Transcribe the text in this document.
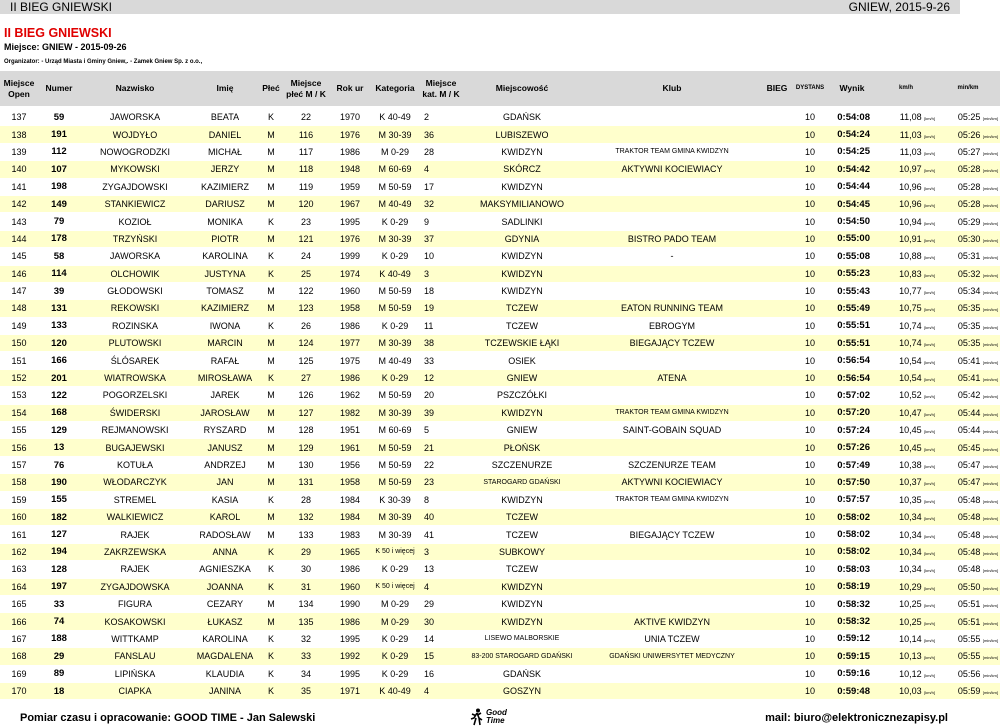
II BIEG GNIEWSKI	GNIEW, 2015-9-26
II BIEG GNIEWSKI
Miejsce: GNIEW - 2015-09-26
Organizator: - Urząd Miasta i Gminy Gniew,. - Zamek Gniew Sp. z o.o.,
Miejsce Open	Numer	Nazwisko	Imię	Płeć	Miejsce płeć M / K	Rok ur	Kategoria	Miejsce kat. M / K	Miejscowość	Klub	BIEG	DYSTANS	Wynik	km/h	min/km

137	59	JAWORSKA	BEATA	K	22	1970	K 40-49	2	GDAŃSK			10	0:54:08	11,08 [km/h]	05:25 [min/km]
138	191	WOJDYŁO	DANIEL	M	116	1976	M 30-39	36	LUBISZEWO			10	0:54:24	11,03 [km/h]	05:26 [min/km]
139	112	NOWOGRODZKI	MICHAŁ	M	117	1986	M 0-29	28	KWIDZYN	TRAKTOR TEAM GMINA KWIDZYN		10	0:54:25	11,03 [km/h]	05:27 [min/km]
140	107	MYKOWSKI	JERZY	M	118	1948	M 60-69	4	SKÓRCZ	AKTYWNI KOCIEWIACY		10	0:54:42	10,97 [km/h]	05:28 [min/km]
141	198	ZYGAJDOWSKI	KAZIMIERZ	M	119	1959	M 50-59	17	KWIDZYN			10	0:54:44	10,96 [km/h]	05:28 [min/km]
142	149	STANKIEWICZ	DARIUSZ	M	120	1967	M 40-49	32	MAKSYMILIANOWO			10	0:54:45	10,96 [km/h]	05:28 [min/km]
143	79	KOZIOŁ	MONIKA	K	23	1995	K 0-29	9	SADLINKI			10	0:54:50	10,94 [km/h]	05:29 [min/km]
144	178	TRZYŃSKI	PIOTR	M	121	1976	M 30-39	37	GDYNIA	BISTRO PADO TEAM		10	0:55:00	10,91 [km/h]	05:30 [min/km]
145	58	JAWORSKA	KAROLINA	K	24	1999	K 0-29	10	KWIDZYN	-		10	0:55:08	10,88 [km/h]	05:31 [min/km]
146	114	OLCHOWIK	JUSTYNA	K	25	1974	K 40-49	3	KWIDZYN			10	0:55:23	10,83 [km/h]	05:32 [min/km]
147	39	GŁODOWSKI	TOMASZ	M	122	1960	M 50-59	18	KWIDZYN			10	0:55:43	10,77 [km/h]	05:34 [min/km]
148	131	REKOWSKI	KAZIMIERZ	M	123	1958	M 50-59	19	TCZEW	EATON RUNNING TEAM		10	0:55:49	10,75 [km/h]	05:35 [min/km]
149	133	ROZINSKA	IWONA	K	26	1986	K 0-29	11	TCZEW	EBROGYM		10	0:55:51	10,74 [km/h]	05:35 [min/km]
150	120	PLUTOWSKI	MARCIN	M	124	1977	M 30-39	38	TCZEWSKIE ŁĄKI	BIEGAJĄCY TCZEW		10	0:55:51	10,74 [km/h]	05:35 [min/km]
151	166	ŚLÓSAREK	RAFAŁ	M	125	1975	M 40-49	33	OSIEK			10	0:56:54	10,54 [km/h]	05:41 [min/km]
152	201	WIATROWSKA	MIROSŁAWA	K	27	1986	K 0-29	12	GNIEW	ATENA		10	0:56:54	10,54 [km/h]	05:41 [min/km]
153	122	POGORZELSKI	JAREK	M	126	1962	M 50-59	20	PSZCZÓŁKI			10	0:57:02	10,52 [km/h]	05:42 [min/km]
154	168	ŚWIDERSKI	JAROSŁAW	M	127	1982	M 30-39	39	KWIDZYN	TRAKTOR TEAM GMINA KWIDZYN		10	0:57:20	10,47 [km/h]	05:44 [min/km]
155	129	REJMANOWSKI	RYSZARD	M	128	1951	M 60-69	5	GNIEW	SAINT-GOBAIN SQUAD		10	0:57:24	10,45 [km/h]	05:44 [min/km]
156	13	BUGAJEWSKI	JANUSZ	M	129	1961	M 50-59	21	PŁOŃSK			10	0:57:26	10,45 [km/h]	05:45 [min/km]
157	76	KOTUŁA	ANDRZEJ	M	130	1956	M 50-59	22	SZCZENURZE	SZCZENURZE TEAM		10	0:57:49	10,38 [km/h]	05:47 [min/km]
158	190	WŁODARCZYK	JAN	M	131	1958	M 50-59	23	STAROGARD GDAŃSKI	AKTYWNI KOCIEWIACY		10	0:57:50	10,37 [km/h]	05:47 [min/km]
159	155	STREMEL	KASIA	K	28	1984	K 30-39	8	KWIDZYN	TRAKTOR TEAM GMINA KWIDZYN		10	0:57:57	10,35 [km/h]	05:48 [min/km]
160	182	WALKIEWICZ	KAROL	M	132	1984	M 30-39	40	TCZEW			10	0:58:02	10,34 [km/h]	05:48 [min/km]
161	127	RAJEK	RADOSŁAW	M	133	1983	M 30-39	41	TCZEW	BIEGAJĄCY TCZEW		10	0:58:02	10,34 [km/h]	05:48 [min/km]
162	194	ZAKRZEWSKA	ANNA	K	29	1965	K 50 i więcej	3	SUBKOWY			10	0:58:02	10,34 [km/h]	05:48 [min/km]
163	128	RAJEK	AGNIESZKA	K	30	1986	K 0-29	13	TCZEW			10	0:58:03	10,34 [km/h]	05:48 [min/km]
164	197	ZYGAJDOWSKA	JOANNA	K	31	1960	K 50 i więcej	4	KWIDZYN			10	0:58:19	10,29 [km/h]	05:50 [min/km]
165	33	FIGURA	CEZARY	M	134	1990	M 0-29	29	KWIDZYN			10	0:58:32	10,25 [km/h]	05:51 [min/km]
166	74	KOSAKOWSKI	ŁUKASZ	M	135	1986	M 0-29	30	KWIDZYN	AKTIVE KWIDZYN		10	0:58:32	10,25 [km/h]	05:51 [min/km]
167	188	WITTKAMP	KAROLINA	K	32	1995	K 0-29	14	LISEWO MALBORSKIE	UNIA TCZEW		10	0:59:12	10,14 [km/h]	05:55 [min/km]
168	29	FANSLAU	MAGDALENA	K	33	1992	K 0-29	15	83-200 STAROGARD GDAŃSKI	GDAŃSKI UNIWERSYTET MEDYCZNY		10	0:59:15	10,13 [km/h]	05:55 [min/km]
169	89	LIPIŃSKA	KLAUDIA	K	34	1995	K 0-29	16	GDAŃSK			10	0:59:16	10,12 [km/h]	05:56 [min/km]
170	18	CIAPKA	JANINA	K	35	1971	K 40-49	4	GOSZYN			10	0:59:48	10,03 [km/h]	05:59 [min/km]
Pomiar czasu i opracowanie: GOOD TIME - Jan Salewski	Good
Time	mail: biuro@elektronicznezapisy.pl
